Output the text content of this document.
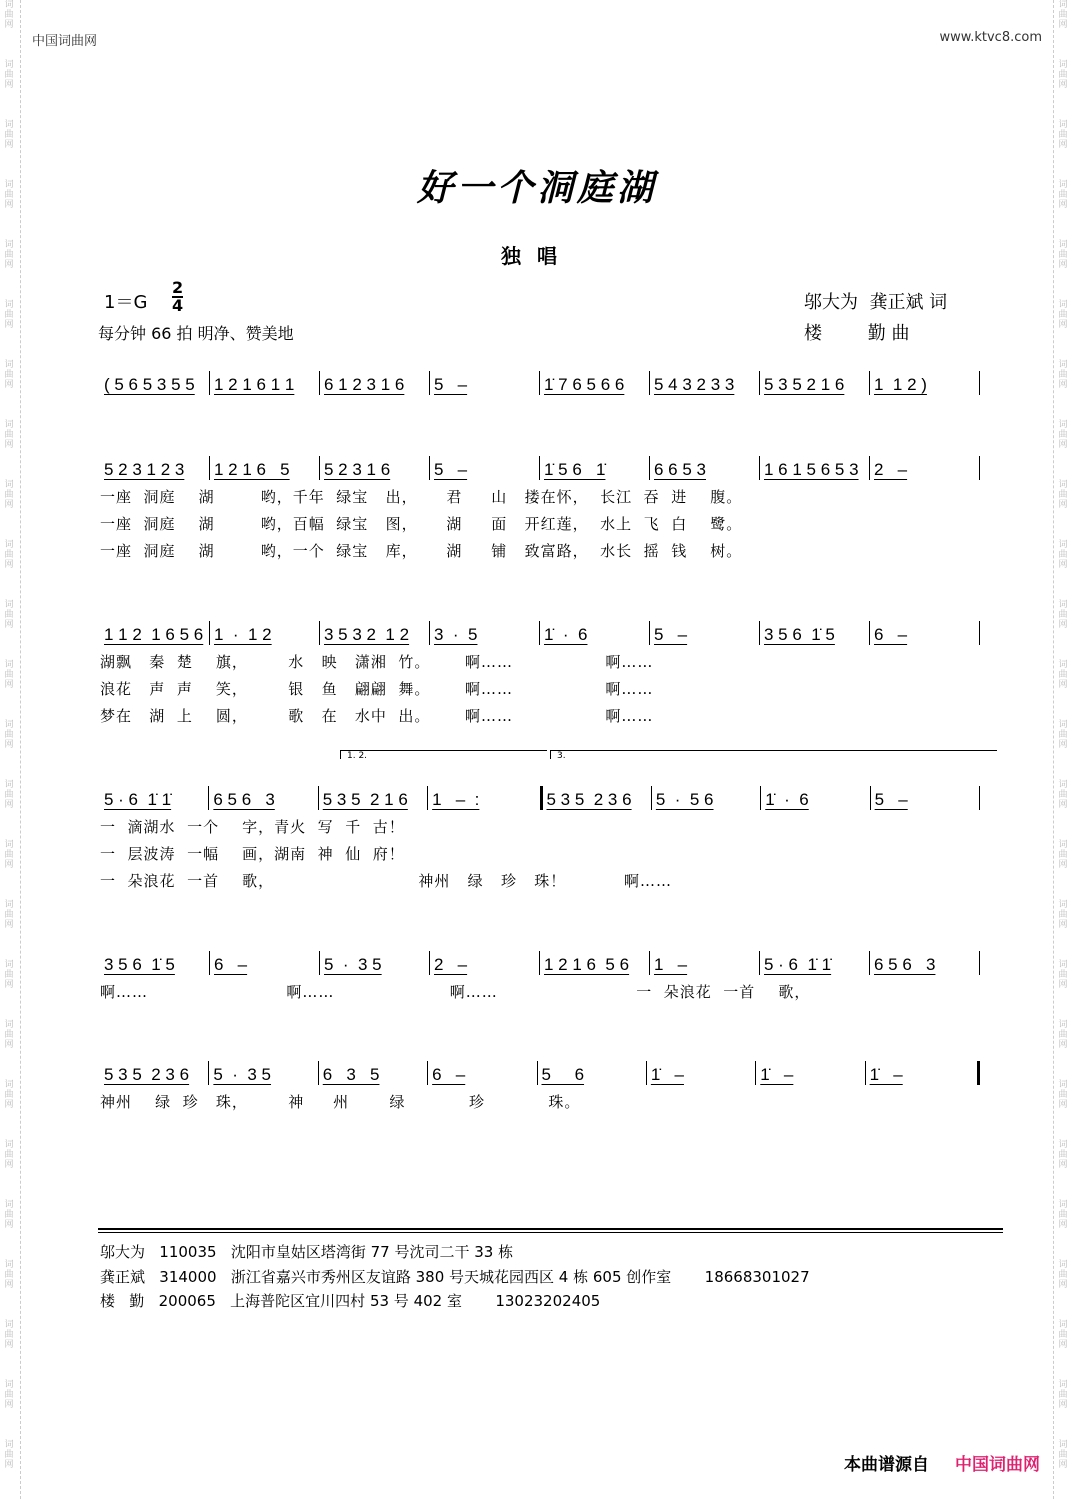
词
曲
网
词
曲
网
词
曲
网
词
曲
网
词
曲
网
词
曲
网
词
曲
网
词
曲
网
词
曲
网
词
曲
网
词
曲
网
词
曲
网
词
曲
网
词
曲
网
词
曲
网
词
曲
网
词
曲
网
词
曲
网
词
曲
网
词
曲
网
词
曲
网
词
曲
网
词
曲
网
词
曲
网
词
曲
网
词
曲
网
词
曲
网
词
曲
网
词
曲
网
词
曲
网
词
曲
网
词
曲
网
词
曲
网
词
曲
网
词
曲
网
词
曲
网
词
曲
网
词
曲
网
词
曲
网
词
曲
网
词
曲
网
词
曲
网
词
曲
网
词
曲
网
词
曲
网
词
曲
网
词
曲
网
词
曲
网
词
曲
网
词
曲
网
中国词曲网	www.ktvc8.com
好一个洞庭湖
独唱
1＝G
2
4
每分钟 66 拍 明净、赞美地
邬大为  龚正斌 词
楼        勤 曲
( 5 6 5 3 5 5	1 2 1 6 1 1	6 1 2 3 1 6	5   –	1̇ 7 6 5 6 6	5 4 3 2 3 3	5 3 5 2 1 6	1  1 2 )
5 2 3 1 2 3	1 2 1 6   5	5 2 3 1 6	5   –	1̇ 5 6   1̇	6 6 5 3	1 6 1 5 6 5 3 2   –
一座  洞庭    湖        哟，千年  绿宝   出，     君     山   搂在怀，  长江  吞  进    腹。
一座  洞庭    湖        哟，百幅  绿宝   图，     湖     面   开红莲，  水上  飞  白    鹭。
一座  洞庭    湖        哟，一个  绿宝   库，     湖     铺   致富路，  水长  摇  钱    树。
1 1 2  1 6 5 6 1  ·  1 2	3 5 3 2  1 2	3  ·  5	1̇  ·  6	5   –	3 5 6  1̇ 5	6   –
湖飘   秦  楚    旗，       水   映   潇湘  竹。      啊……                啊……
浪花   声  声    笑，       银   鱼   翩翩  舞。      啊……                啊……
梦在   湖  上    圆，       歌   在   水中  出。      啊……                啊……
5 · 6  1̇ 1̇	6 5 6   3	5 3 5  2 1 6	1   –  :	5 3 5  2 3 6	5  ·  5 6	1̇  ·  6	5   –
1. 2.	3.
一  滴湖水  一个    字，青火  写  千  古！
一  层波涛  一幅    画，湖南  神  仙  府！
一  朵浪花  一首    歌，                         神州   绿   珍   珠！          啊……
3 5 6  1̇ 5	6   –	5  ·  3 5	2   –	1 2 1 6  5 6	1   –	5 · 6  1̇ 1̇	6 5 6   3
啊……                        啊……                    啊……                        一  朵浪花  一首    歌，
5 3 5  2 3 6	5  ·  3 5	6   3   5	6   –	5     6	1̇   –	1̇   –	1̇   –
神州    绿  珍   珠，       神     州       绿           珍           珠。
邬大为   110035   沈阳市皇姑区塔湾街 77 号沈司二干 33 栋
龚正斌   314000   浙江省嘉兴市秀州区友谊路 380 号天城花园西区 4 栋 605 创作室       18668301027
楼   勤   200065   上海普陀区宜川四村 53 号 402 室       13023202405
本曲谱源自 中国词曲网
